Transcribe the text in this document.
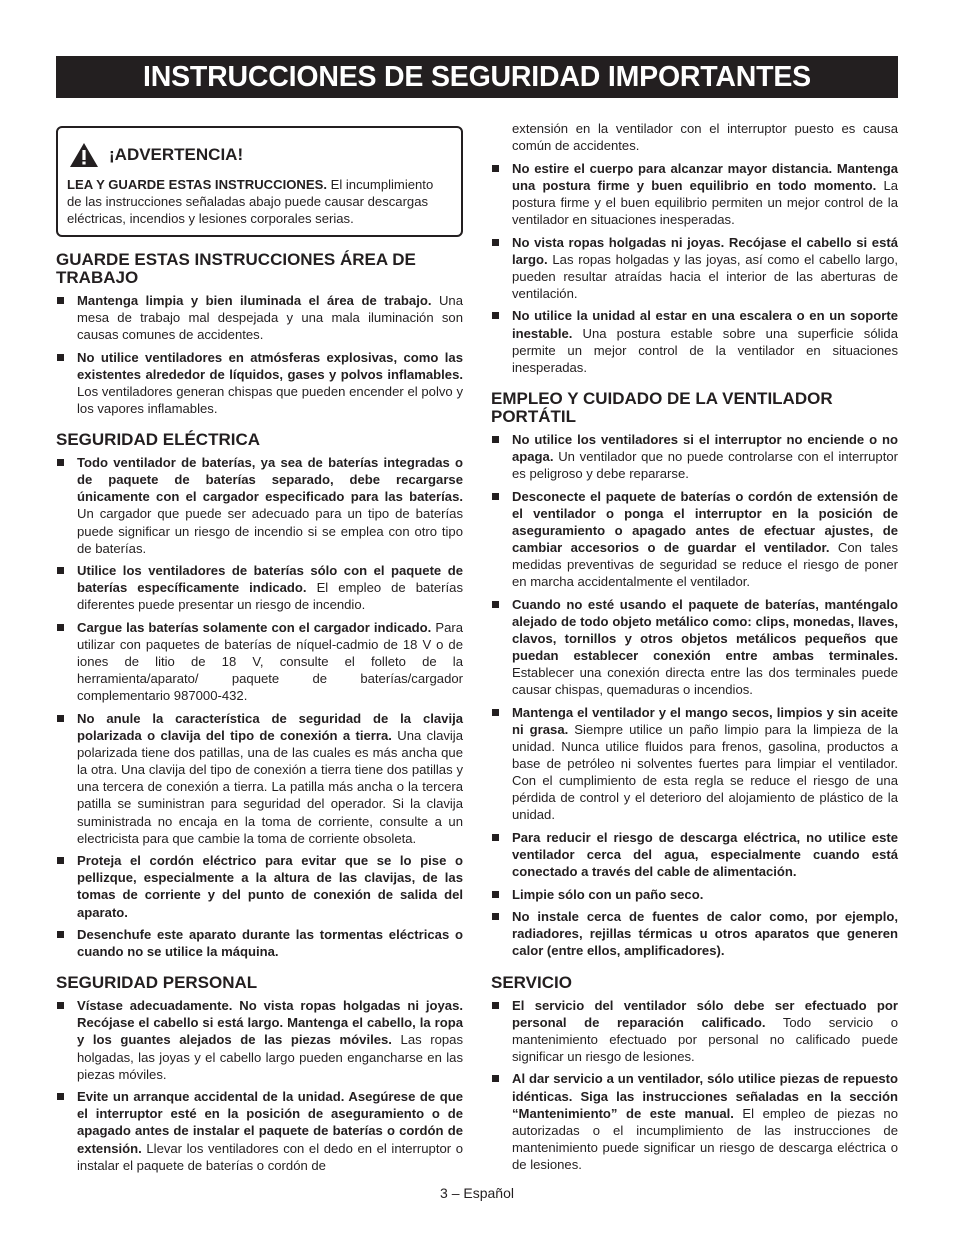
INSTRUCCIONES DE SEGURIDAD IMPORTANTES
¡ADVERTENCIA!
LEA Y GUARDE ESTAS INSTRUCCIONES. El incumplimiento de las instrucciones señaladas abajo puede causar descargas eléctricas, incendios y lesiones corporales serias.
GUARDE ESTAS INSTRUCCIONES ÁREA DE TRABAJO
Mantenga limpia y bien iluminada el área de trabajo. Una mesa de trabajo mal despejada y una mala iluminación son causas comunes de accidentes.
No utilice ventiladores en atmósferas explosivas, como las existentes alrededor de líquidos, gases y polvos inflamables. Los ventiladores generan chispas que pueden encender el polvo y los vapores inflamables.
SEGURIDAD ELÉCTRICA
Todo ventilador de baterías, ya sea de baterías integradas o de paquete de baterías separado, debe recargarse únicamente con el cargador especificado para las baterías. Un cargador que puede ser adecuado para un tipo de baterías puede significar un riesgo de incendio si se emplea con otro tipo de baterías.
Utilice los ventiladores de baterías sólo con el paquete de baterías específicamente indicado. El empleo de baterías diferentes puede presentar un riesgo de incendio.
Cargue las baterías solamente con el cargador indicado. Para utilizar con paquetes de baterías de níquel-cadmio de 18 V o de iones de litio de 18 V, consulte el folleto de la herramienta/aparato/ paquete de baterías/cargador complementario 987000-432.
No anule la característica de seguridad de la clavija polarizada o clavija del tipo de conexión a tierra. Una clavija polarizada tiene dos patillas, una de las cuales es más ancha que la otra. Una clavija del tipo de conexión a tierra tiene dos patillas y una tercera de conexión a tierra. La patilla más ancha o la tercera patilla se suministran para seguridad del operador. Si la clavija suministrada no encaja en la toma de corriente, consulte a un electricista para que cambie la toma de corriente obsoleta.
Proteja el cordón eléctrico para evitar que se lo pise o pellizque, especialmente a la altura de las clavijas, de las tomas de corriente y del punto de conexión de salida del aparato.
Desenchufe este aparato durante las tormentas eléctricas o cuando no se utilice la máquina.
SEGURIDAD PERSONAL
Vístase adecuadamente. No vista ropas holgadas ni joyas. Recójase el cabello si está largo. Mantenga el cabello, la ropa y los guantes alejados de las piezas móviles. Las ropas holgadas, las joyas y el cabello largo pueden engancharse en las piezas móviles.
Evite un arranque accidental de la unidad. Asegúrese de que el interruptor esté en la posición de aseguramiento o de apagado antes de instalar el paquete de baterías o cordón de extensión. Llevar los ventiladores con el dedo en el interruptor o instalar el paquete de baterías o cordón de
extensión en la ventilador con el interruptor puesto es causa común de accidentes.
No estire el cuerpo para alcanzar mayor distancia. Mantenga una postura firme y buen equilibrio en todo momento. La postura firme y el buen equilibrio permiten un mejor control de la ventilador en situaciones inesperadas.
No vista ropas holgadas ni joyas. Recójase el cabello si está largo. Las ropas holgadas y las joyas, así como el cabello largo, pueden resultar atraídas hacia el interior de las aberturas de ventilación.
No utilice la unidad al estar en una escalera o en un soporte inestable. Una postura estable sobre una superficie sólida permite un mejor control de la ventilador en situaciones inesperadas.
EMPLEO Y CUIDADO DE LA VENTILADOR PORTÁTIL
No utilice los ventiladores si el interruptor no enciende o no apaga. Un ventilador que no puede controlarse con el interruptor es peligroso y debe repararse.
Desconecte el paquete de baterías o cordón de extensión de el ventilador o ponga el interruptor en la posición de aseguramiento o apagado antes de efectuar ajustes, de cambiar accesorios o de guardar el ventilador. Con tales medidas preventivas de seguridad se reduce el riesgo de poner en marcha accidentalmente el ventilador.
Cuando no esté usando el paquete de baterías, manténgalo alejado de todo objeto metálico como: clips, monedas, llaves, clavos, tornillos y otros objetos metálicos pequeños que puedan establecer conexión entre ambas terminales. Establecer una conexión directa entre las dos terminales puede causar chispas, quemaduras o incendios.
Mantenga el ventilador y el mango secos, limpios y sin aceite ni grasa. Siempre utilice un paño limpio para la limpieza de la unidad. Nunca utilice fluidos para frenos, gasolina, productos a base de petróleo ni solventes fuertes para limpiar el ventilador. Con el cumplimiento de esta regla se reduce el riesgo de una pérdida de control y el deterioro del alojamiento de plástico de la unidad.
Para reducir el riesgo de descarga eléctrica, no utilice este ventilador cerca del agua, especialmente cuando está conectado a través del cable de alimentación.
Limpie sólo con un paño seco.
No instale cerca de fuentes de calor como, por ejemplo, radiadores, rejillas térmicas u otros aparatos que generen calor (entre ellos, amplificadores).
SERVICIO
El servicio del ventilador sólo debe ser efectuado por personal de reparación calificado. Todo servicio o mantenimiento efectuado por personal no calificado puede significar un riesgo de lesiones.
Al dar servicio a un ventilador, sólo utilice piezas de repuesto idénticas. Siga las instrucciones señaladas en la sección “Mantenimiento” de este manual. El empleo de piezas no autorizadas o el incumplimiento de las instrucciones de mantenimiento puede significar un riesgo de descarga eléctrica o de lesiones.
3 – Español
